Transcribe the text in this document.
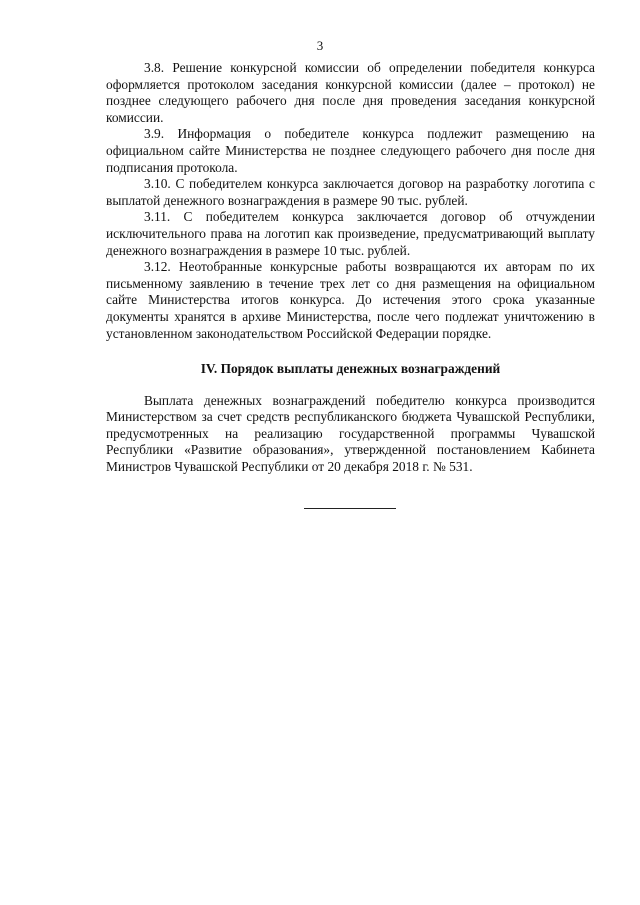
3

3.8. Решение конкурсной комиссии об определении победителя конкурса оформляется протоколом заседания конкурсной комиссии (далее – протокол) не позднее следующего рабочего дня после дня проведения заседания конкурсной комиссии.

3.9. Информация о победителе конкурса подлежит размещению на официальном сайте Министерства не позднее следующего рабочего дня после дня подписания протокола.

3.10. С победителем конкурса заключается договор на разработку логотипа с выплатой денежного вознаграждения в размере 90 тыс. рублей.

3.11. С победителем конкурса заключается договор об отчуждении исключительного права на логотип как произведение, предусматривающий выплату денежного вознаграждения в размере 10 тыс. рублей.

3.12. Неотобранные конкурсные работы возвращаются их авторам по их письменному заявлению в течение трех лет со дня размещения на официальном сайте Министерства итогов конкурса. До истечения этого срока указанные документы хранятся в архиве Министерства, после чего подлежат уничтожению в установленном законодательством Российской Федерации порядке.

IV. Порядок выплаты денежных вознаграждений

Выплата денежных вознаграждений победителю конкурса производится Министерством за счет средств республиканского бюджета Чувашской Республики, предусмотренных на реализацию государственной программы Чувашской Республики «Развитие образования», утвержденной постановлением Кабинета Министров Чувашской Республики от 20 декабря 2018 г. № 531.
